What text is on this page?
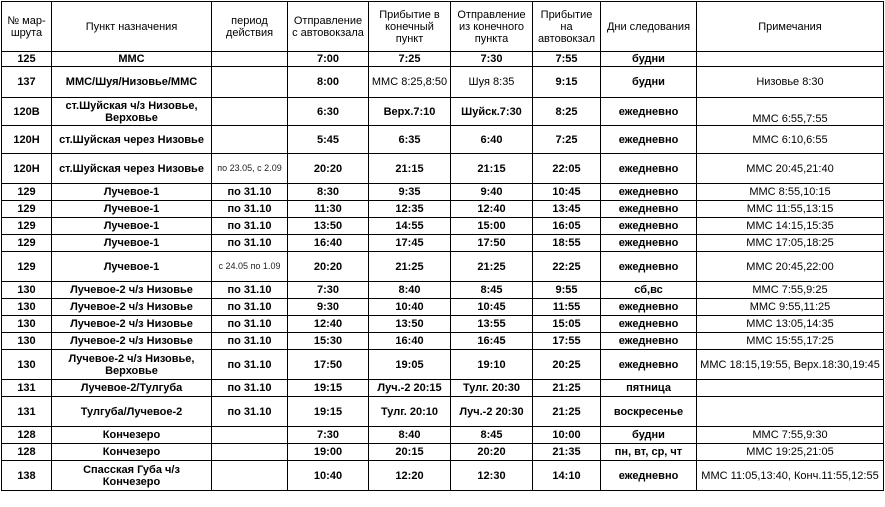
№ мар-шрута	Пункт назначения	период действия	Отправление с автовокзала	Прибытие в конечный пункт	Отправление из конечного пункта	Прибытие на автовокзал	Дни следования	Примечания
125	ММС		7:00	7:25	7:30	7:55	будни	
137	ММС/Шуя/Низовье/ММС		8:00	ММС 8:25,8:50	Шуя 8:35	9:15	будни	Низовье 8:30
120В	ст.Шуйская ч/з Низовье, Верховье		6:30	Верх.7:10	Шуйск.7:30	8:25	ежедневно	ММС 6:55,7:55
120Н	ст.Шуйская через Низовье		5:45	6:35	6:40	7:25	ежедневно	ММС 6:10,6:55
120Н	ст.Шуйская через Низовье	по 23.05, с 2.09	20:20	21:15	21:15	22:05	ежедневно	ММС 20:45,21:40
129	Лучевое-1	по 31.10	8:30	9:35	9:40	10:45	ежедневно	ММС 8:55,10:15
129	Лучевое-1	по 31.10	11:30	12:35	12:40	13:45	ежедневно	ММС 11:55,13:15
129	Лучевое-1	по 31.10	13:50	14:55	15:00	16:05	ежедневно	ММС 14:15,15:35
129	Лучевое-1	по 31.10	16:40	17:45	17:50	18:55	ежедневно	ММС 17:05,18:25
129	Лучевое-1	с 24.05 по 1.09	20:20	21:25	21:25	22:25	ежедневно	ММС 20:45,22:00
130	Лучевое-2 ч/з Низовье	по 31.10	7:30	8:40	8:45	9:55	сб,вс	ММС 7:55,9:25
130	Лучевое-2 ч/з Низовье	по 31.10	9:30	10:40	10:45	11:55	ежедневно	ММС 9:55,11:25
130	Лучевое-2 ч/з Низовье	по 31.10	12:40	13:50	13:55	15:05	ежедневно	ММС 13:05,14:35
130	Лучевое-2 ч/з Низовье	по 31.10	15:30	16:40	16:45	17:55	ежедневно	ММС 15:55,17:25
130	Лучевое-2 ч/з Низовье, Верховье	по 31.10	17:50	19:05	19:10	20:25	ежедневно	ММС 18:15,19:55, Верх.18:30,19:45
131	Лучевое-2/Тулгуба	по 31.10	19:15	Луч.-2 20:15	Тулг. 20:30	21:25	пятница	
131	Тулгуба/Лучевое-2	по 31.10	19:15	Тулг. 20:10	Луч.-2 20:30	21:25	воскресенье	
128	Кончезеро		7:30	8:40	8:45	10:00	будни	ММС 7:55,9:30
128	Кончезеро		19:00	20:15	20:20	21:35	пн, вт, ср, чт	ММС 19:25,21:05
138	Спасская Губа ч/з Кончезеро		10:40	12:20	12:30	14:10	ежедневно	ММС 11:05,13:40, Конч.11:55,12:55
